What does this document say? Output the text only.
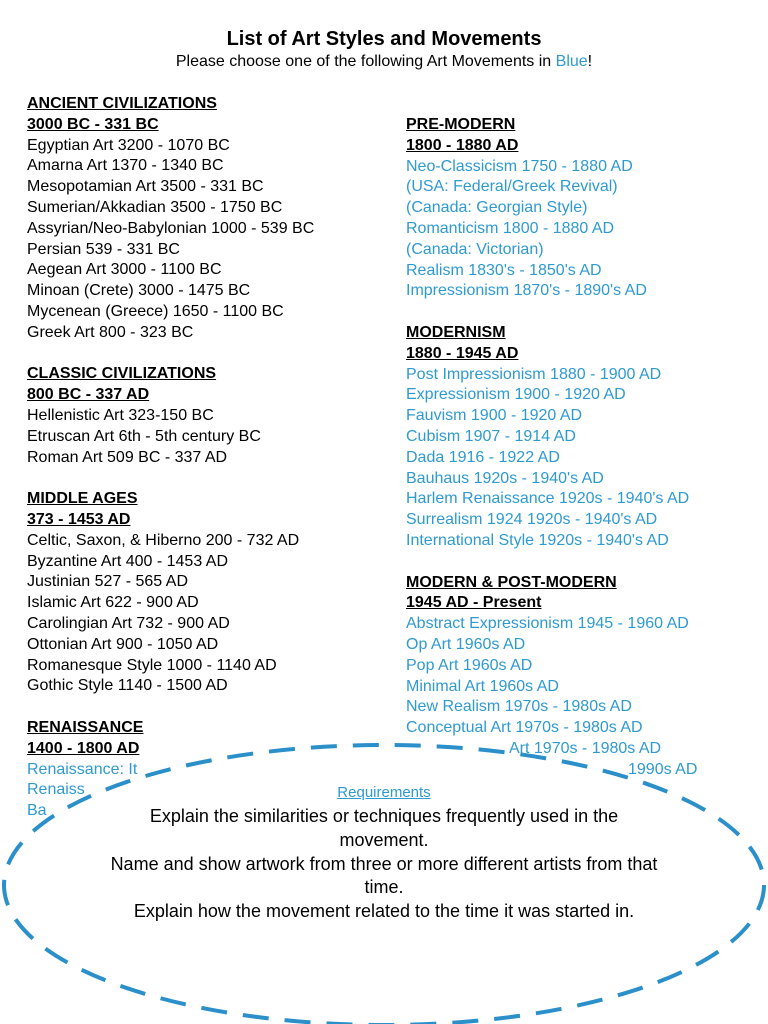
List of Art Styles and Movements
Please choose one of the following Art Movements in Blue!
ANCIENT CIVILIZATIONS
3000 BC - 331 BC
Egyptian Art 3200 - 1070 BC
Amarna Art 1370 - 1340 BC
Mesopotamian Art 3500 - 331 BC
Sumerian/Akkadian 3500 - 1750 BC
Assyrian/Neo-Babylonian 1000 - 539 BC
Persian 539 - 331 BC
Aegean Art 3000 - 1100 BC
Minoan (Crete) 3000 - 1475 BC
Mycenean (Greece) 1650 - 1100 BC
Greek Art 800 - 323 BC
CLASSIC CIVILIZATIONS
800 BC - 337 AD
Hellenistic Art 323-150 BC
Etruscan Art 6th - 5th century BC
Roman Art 509 BC - 337 AD
MIDDLE AGES
373 - 1453 AD
Celtic, Saxon, & Hiberno 200 - 732 AD
Byzantine Art 400 - 1453 AD
Justinian 527 - 565 AD
Islamic Art 622 - 900 AD
Carolingian Art 732 - 900 AD
Ottonian Art 900 - 1050 AD
Romanesque Style 1000 - 1140 AD
Gothic Style 1140 - 1500 AD
RENAISSANCE
1400 - 1800 AD
Renaissance: It
Renaiss
Ba
PRE-MODERN
1800 - 1880 AD
Neo-Classicism 1750 - 1880 AD
(USA: Federal/Greek Revival)
(Canada: Georgian Style)
Romanticism 1800 - 1880 AD
(Canada: Victorian)
Realism 1830's - 1850's AD
Impressionism 1870's - 1890's AD
MODERNISM
1880 - 1945 AD
Post Impressionism 1880 - 1900 AD
Expressionism 1900 - 1920 AD
Fauvism 1900 - 1920 AD
Cubism 1907 - 1914 AD
Dada 1916 - 1922 AD
Bauhaus 1920s - 1940's AD
Harlem Renaissance 1920s - 1940's AD
Surrealism 1924 1920s - 1940's AD
International Style 1920s - 1940's AD
MODERN & POST-MODERN
1945 AD - Present
Abstract Expressionism 1945 - 1960 AD
Op Art 1960s AD
Pop Art 1960s AD
Minimal Art 1960s AD
New Realism 1970s - 1980s AD
Conceptual Art 1970s - 1980s AD
Art 1970s - 1980s AD
1990s AD
Requirements
Explain the similarities or techniques frequently used in the movement.
Name and show artwork from three or more different artists from that time.
Explain how the movement related to the time it was started in.
